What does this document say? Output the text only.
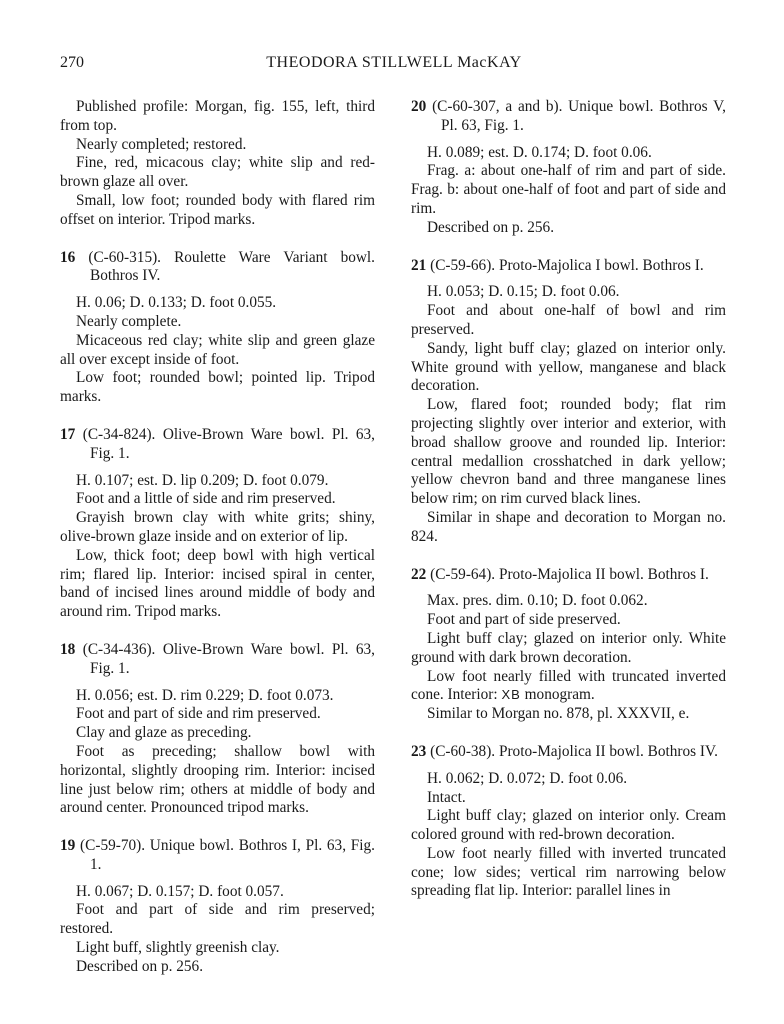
270	THEODORA STILLWELL MacKAY

Published profile: Morgan, fig. 155, left, third from top.

Nearly completed; restored.

Fine, red, micacous clay; white slip and red-brown glaze all over.

Small, low foot; rounded body with flared rim offset on interior. Tripod marks.

16 (C-60-315). Roulette Ware Variant bowl. Bothros IV.

H. 0.06; D. 0.133; D. foot 0.055.

Nearly complete.

Micaceous red clay; white slip and green glaze all over except inside of foot.

Low foot; rounded bowl; pointed lip. Tripod marks.

17 (C-34-824). Olive-Brown Ware bowl. Pl. 63, Fig. 1.

H. 0.107; est. D. lip 0.209; D. foot 0.079.

Foot and a little of side and rim preserved.

Grayish brown clay with white grits; shiny, olive-brown glaze inside and on exterior of lip.

Low, thick foot; deep bowl with high vertical rim; flared lip. Interior: incised spiral in center, band of incised lines around middle of body and around rim. Tripod marks.

18 (C-34-436). Olive-Brown Ware bowl. Pl. 63, Fig. 1.

H. 0.056; est. D. rim 0.229; D. foot 0.073.

Foot and part of side and rim preserved.

Clay and glaze as preceding.

Foot as preceding; shallow bowl with horizontal, slightly drooping rim. Interior: incised line just below rim; others at middle of body and around center. Pronounced tripod marks.

19 (C-59-70). Unique bowl. Bothros I, Pl. 63, Fig. 1.

H. 0.067; D. 0.157; D. foot 0.057.

Foot and part of side and rim preserved; restored.

Light buff, slightly greenish clay.

Described on p. 256.

20 (C-60-307, a and b). Unique bowl. Bothros V, Pl. 63, Fig. 1.

H. 0.089; est. D. 0.174; D. foot 0.06.

Frag. a: about one-half of rim and part of side. Frag. b: about one-half of foot and part of side and rim.

Described on p. 256.

21 (C-59-66). Proto-Majolica I bowl. Bothros I.

H. 0.053; D. 0.15; D. foot 0.06.

Foot and about one-half of bowl and rim preserved.

Sandy, light buff clay; glazed on interior only. White ground with yellow, manganese and black decoration.

Low, flared foot; rounded body; flat rim projecting slightly over interior and exterior, with broad shallow groove and rounded lip. Interior: central medallion crosshatched in dark yellow; yellow chevron band and three manganese lines below rim; on rim curved black lines.

Similar in shape and decoration to Morgan no. 824.

22 (C-59-64). Proto-Majolica II bowl. Bothros I.

Max. pres. dim. 0.10; D. foot 0.062.

Foot and part of side preserved.

Light buff clay; glazed on interior only. White ground with dark brown decoration.

Low foot nearly filled with truncated inverted cone. Interior: XB monogram.

Similar to Morgan no. 878, pl. XXXVII, e.

23 (C-60-38). Proto-Majolica II bowl. Bothros IV.

H. 0.062; D. 0.072; D. foot 0.06.

Intact.

Light buff clay; glazed on interior only. Cream colored ground with red-brown decoration.

Low foot nearly filled with inverted truncated cone; low sides; vertical rim narrowing below spreading flat lip. Interior: parallel lines in
